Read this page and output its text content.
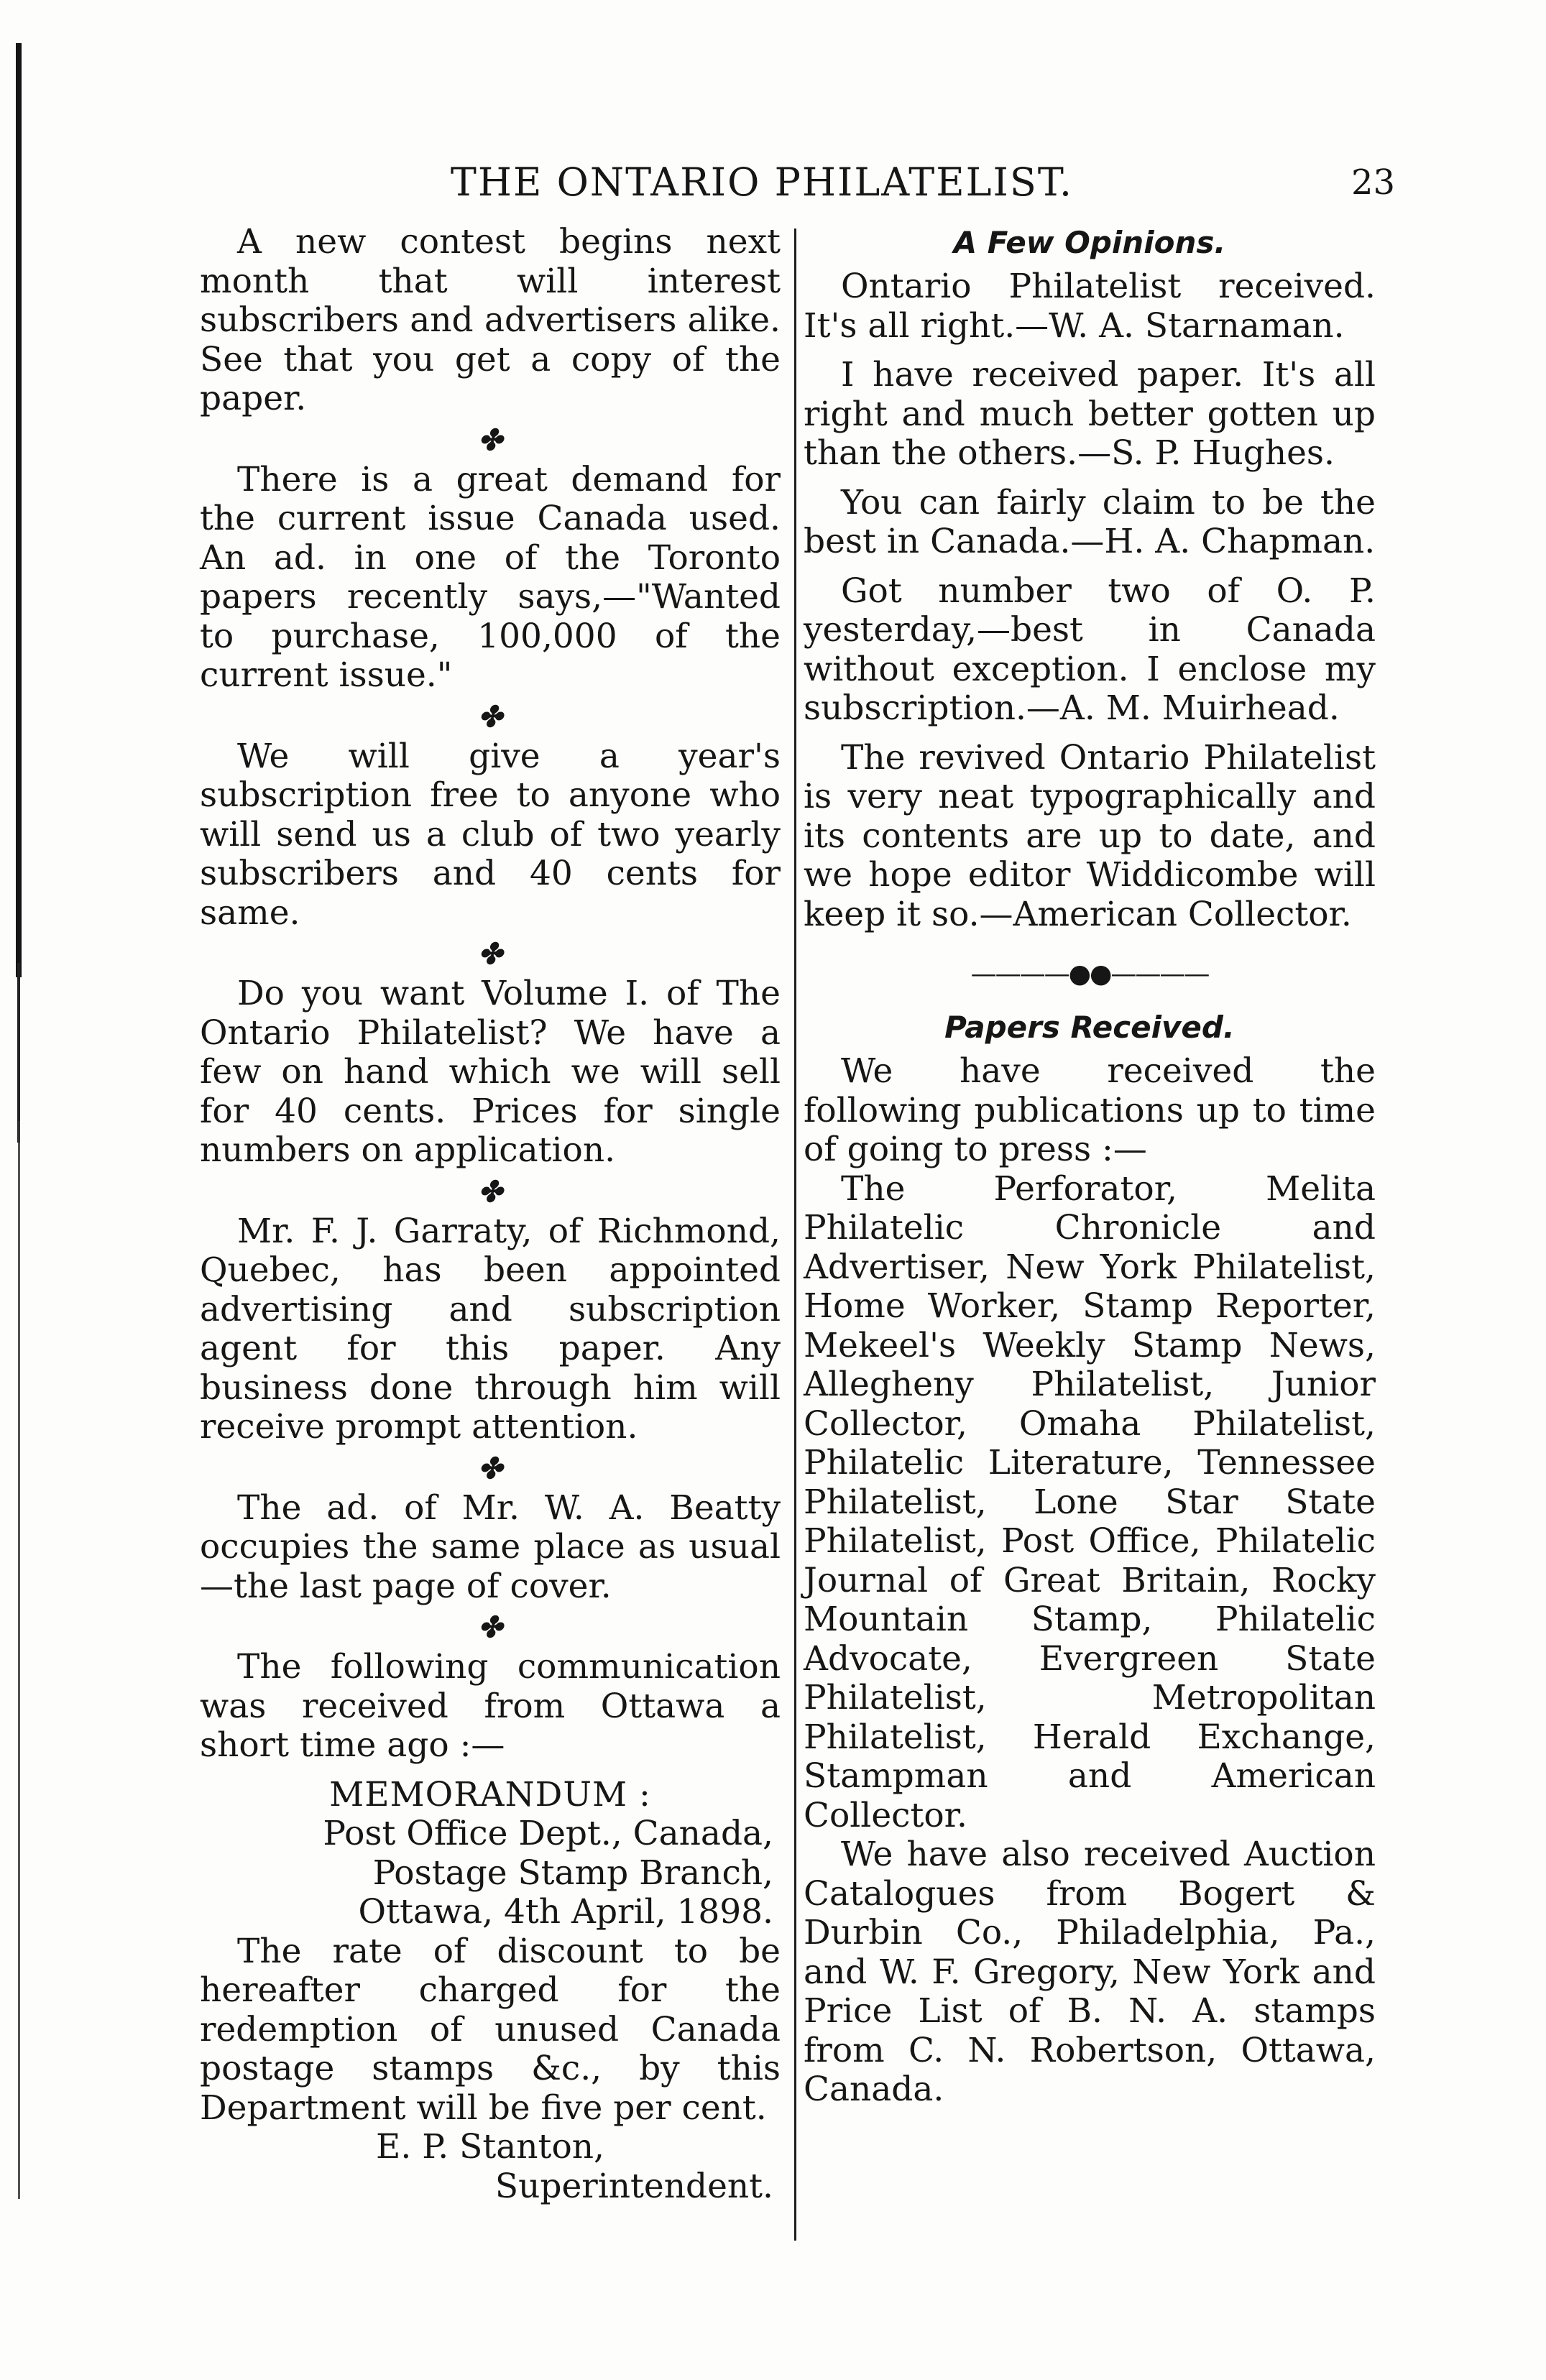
THE ONTARIO PHILATELIST.	23

A new contest begins next month that will interest subscribers and advertisers alike. See that you get a copy of the paper.

✤

There is a great demand for the current issue Canada used. An ad. in one of the Toronto papers recently says,—"Wanted to purchase, 100,000 of the current issue."

✤

We will give a year's subscription free to anyone who will send us a club of two yearly subscribers and 40 cents for same.

✤

Do you want Volume I. of The Ontario Philatelist? We have a few on hand which we will sell for 40 cents. Prices for single numbers on application.

✤

Mr. F. J. Garraty, of Richmond, Quebec, has been appointed advertising and subscription agent for this paper. Any business done through him will receive prompt attention.

✤

The ad. of Mr. W. A. Beatty occupies the same place as usual —the last page of cover.

✤

The following communication was received from Ottawa a short time ago :—

MEMORANDUM :

Post Office Dept., Canada,

Postage Stamp Branch,

Ottawa, 4th April, 1898.

The rate of discount to be hereafter charged for the redemption of unused Canada postage stamps &c., by this Department will be five per cent.

E. P. Stanton,

Superintendent.

A Few Opinions.

Ontario Philatelist received. It's all right.—W. A. Starnaman.

I have received paper. It's all right and much better gotten up than the others.—S. P. Hughes.

You can fairly claim to be the best in Canada.—H. A. Chapman.

Got number two of O. P. yesterday,—best in Canada without exception. I enclose my subscription.—A. M. Muirhead.

The revived Ontario Philatelist is very neat typographically and its contents are up to date, and we hope editor Widdicombe will keep it so.—American Collector.

————●●————
Papers Received.

We have received the following publications up to time of going to press :—

The Perforator, Melita Philatelic Chronicle and Advertiser, New York Philatelist, Home Worker, Stamp Reporter, Mekeel's Weekly Stamp News, Allegheny Philatelist, Junior Collector, Omaha Philatelist, Philatelic Literature, Tennessee Philatelist, Lone Star State Philatelist, Post Office, Philatelic Journal of Great Britain, Rocky Mountain Stamp, Philatelic Advocate, Evergreen State Philatelist, Metropolitan Philatelist, Herald Exchange, Stampman and American Collector.

We have also received Auction Catalogues from Bogert & Durbin Co., Philadelphia, Pa., and W. F. Gregory, New York and Price List of B. N. A. stamps from C. N. Robertson, Ottawa, Canada.
